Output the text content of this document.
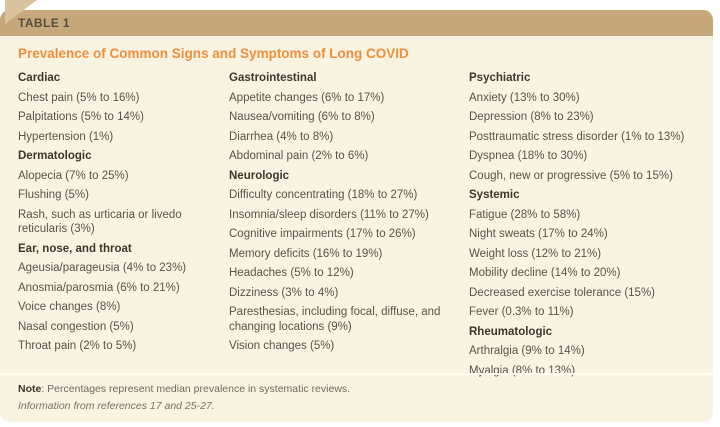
TABLE 1
Prevalence of Common Signs and Symptoms of Long COVID
Cardiac
Chest pain (5% to 16%)
Palpitations (5% to 14%)
Hypertension (1%)
Dermatologic
Alopecia (7% to 25%)
Flushing (5%)
Rash, such as urticaria or livedo reticularis (3%)
Ear, nose, and throat
Ageusia/parageusia (4% to 23%)
Anosmia/parosmia (6% to 21%)
Voice changes (8%)
Nasal congestion (5%)
Throat pain (2% to 5%)
Gastrointestinal
Appetite changes (6% to 17%)
Nausea/vomiting (6% to 8%)
Diarrhea (4% to 8%)
Abdominal pain (2% to 6%)
Neurologic
Difficulty concentrating (18% to 27%)
Insomnia/sleep disorders (11% to 27%)
Cognitive impairments (17% to 26%)
Memory deficits (16% to 19%)
Headaches (5% to 12%)
Dizziness (3% to 4%)
Paresthesias, including focal, diffuse, and changing locations (9%)
Vision changes (5%)
Psychiatric
Anxiety (13% to 30%)
Depression (8% to 23%)
Posttraumatic stress disorder (1% to 13%)
Dyspnea (18% to 30%)
Cough, new or progressive (5% to 15%)
Systemic
Fatigue (28% to 58%)
Night sweats (17% to 24%)
Weight loss (12% to 21%)
Mobility decline (14% to 20%)
Decreased exercise tolerance (15%)
Fever (0.3% to 11%)
Rheumatologic
Arthralgia (9% to 14%)
Myalgia (8% to 13%)

Note: Percentages represent median prevalence in systematic reviews.

Information from references 17 and 25-27.
